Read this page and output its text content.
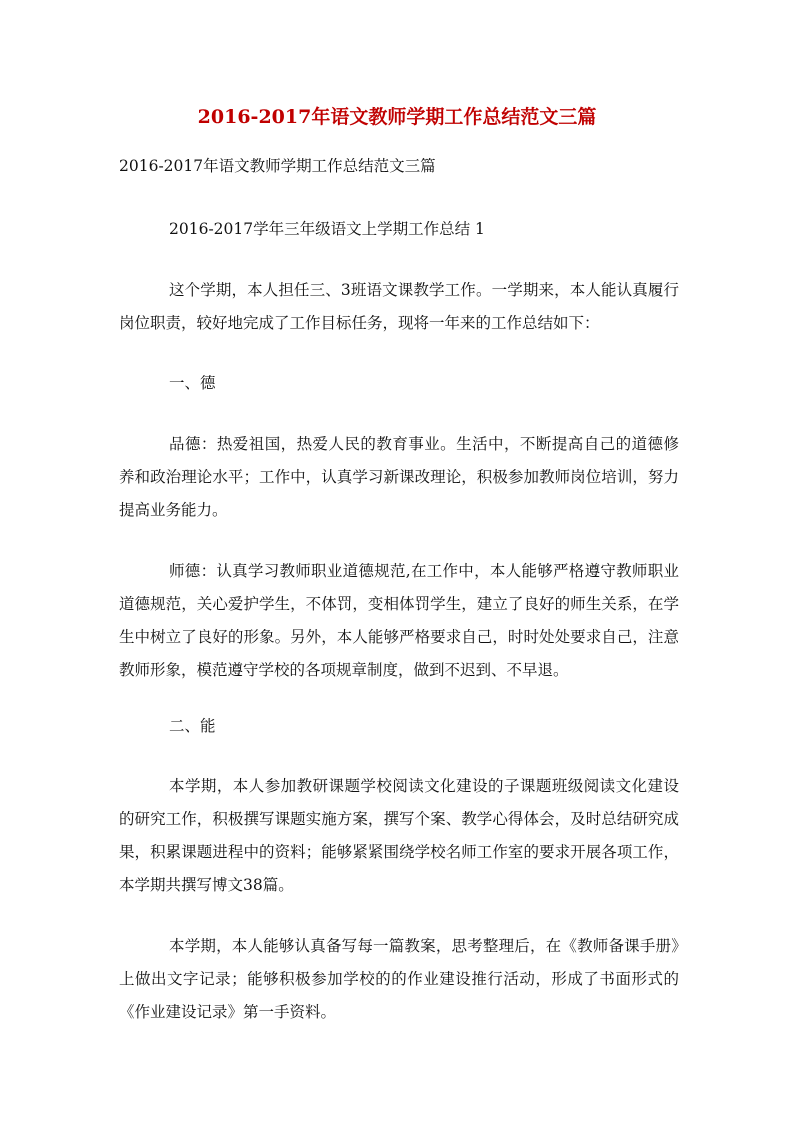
2016-2017年语文教师学期工作总结范文三篇

2016-2017年语文教师学期工作总结范文三篇

2016-2017学年三年级语文上学期工作总结 1

这个学期，本人担任三、3班语文课教学工作。一学期来，本人能认真履行岗位职责，较好地完成了工作目标任务，现将一年来的工作总结如下：

一、德

品德：热爱祖国，热爱人民的教育事业。生活中，不断提高自己的道德修养和政治理论水平；工作中，认真学习新课改理论，积极参加教师岗位培训，努力提高业务能力。

师德：认真学习教师职业道德规范,在工作中，本人能够严格遵守教师职业道德规范，关心爱护学生，不体罚，变相体罚学生，建立了良好的师生关系，在学生中树立了良好的形象。另外，本人能够严格要求自己，时时处处要求自己，注意教师形象，模范遵守学校的各项规章制度，做到不迟到、不早退。

二、能

本学期，本人参加教研课题学校阅读文化建设的子课题班级阅读文化建设的研究工作，积极撰写课题实施方案，撰写个案、教学心得体会，及时总结研究成果，积累课题进程中的资料；能够紧紧围绕学校名师工作室的要求开展各项工作，本学期共撰写博文38篇。

本学期，本人能够认真备写每一篇教案，思考整理后，在《教师备课手册》上做出文字记录；能够积极参加学校的的作业建设推行活动，形成了书面形式的《作业建设记录》第一手资料。
